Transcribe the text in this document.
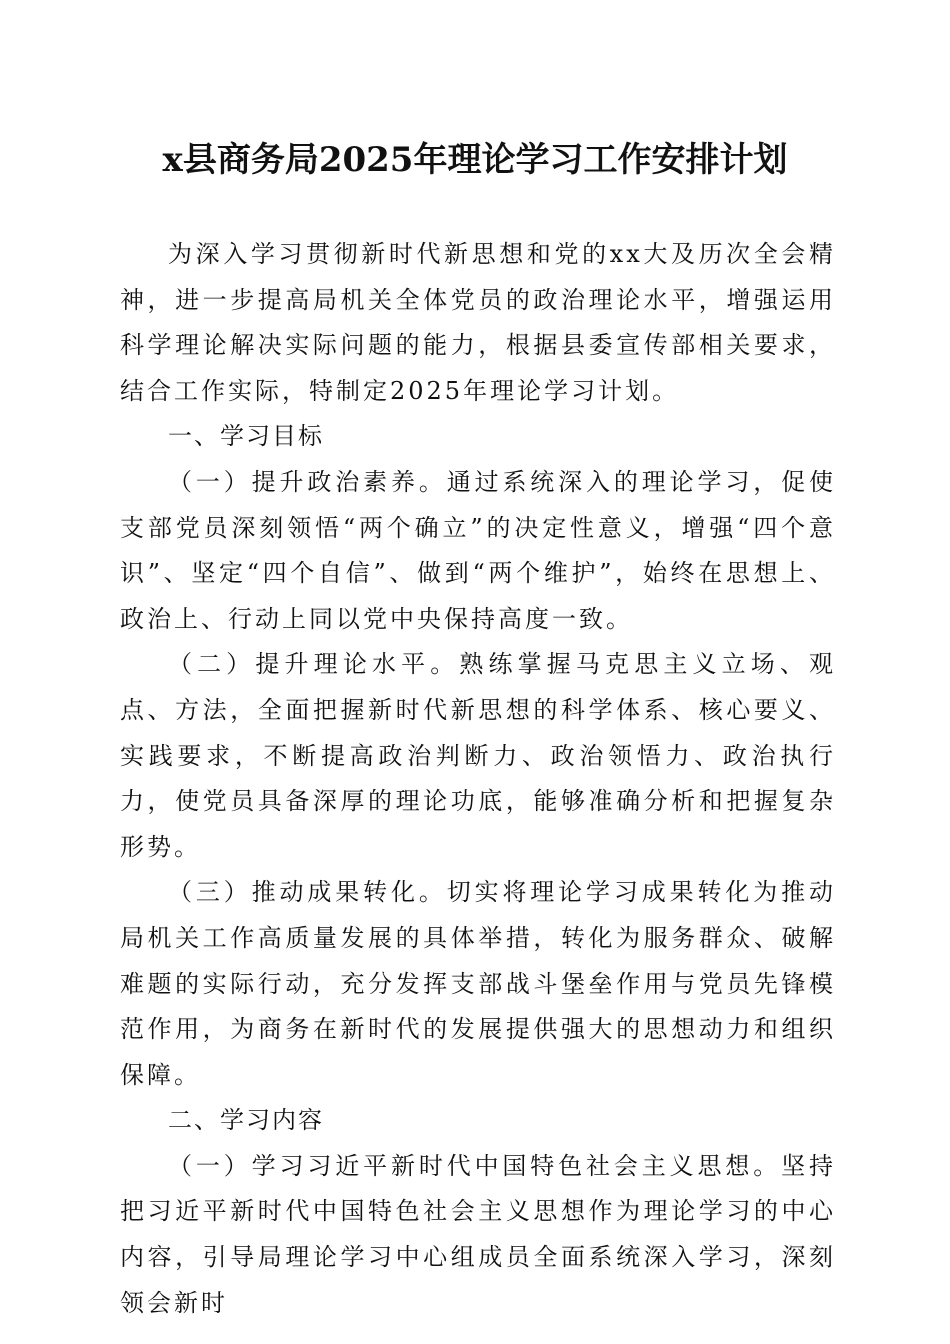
x县商务局2025年理论学习工作安排计划

为深入学习贯彻新时代新思想和党的xx大及历次全会精神，进一步提高局机关全体党员的政治理论水平，增强运用科学理论解决实际问题的能力，根据县委宣传部相关要求，结合工作实际，特制定2025年理论学习计划。

一、学习目标

（一）提升政治素养。通过系统深入的理论学习，促使支部党员深刻领悟“两个确立”的决定性意义，增强“四个意识”、坚定“四个自信”、做到“两个维护”，始终在思想上、政治上、行动上同以党中央保持高度一致。

（二）提升理论水平。熟练掌握马克思主义立场、观点、方法，全面把握新时代新思想的科学体系、核心要义、实践要求，不断提高政治判断力、政治领悟力、政治执行力，使党员具备深厚的理论功底，能够准确分析和把握复杂形势。

（三）推动成果转化。切实将理论学习成果转化为推动局机关工作高质量发展的具体举措，转化为服务群众、破解难题的实际行动，充分发挥支部战斗堡垒作用与党员先锋模范作用，为商务在新时代的发展提供强大的思想动力和组织保障。

二、学习内容

（一）学习习近平新时代中国特色社会主义思想。坚持把习近平新时代中国特色社会主义思想作为理论学习的中心内容，引导局理论学习中心组成员全面系统深入学习，深刻领会新时
